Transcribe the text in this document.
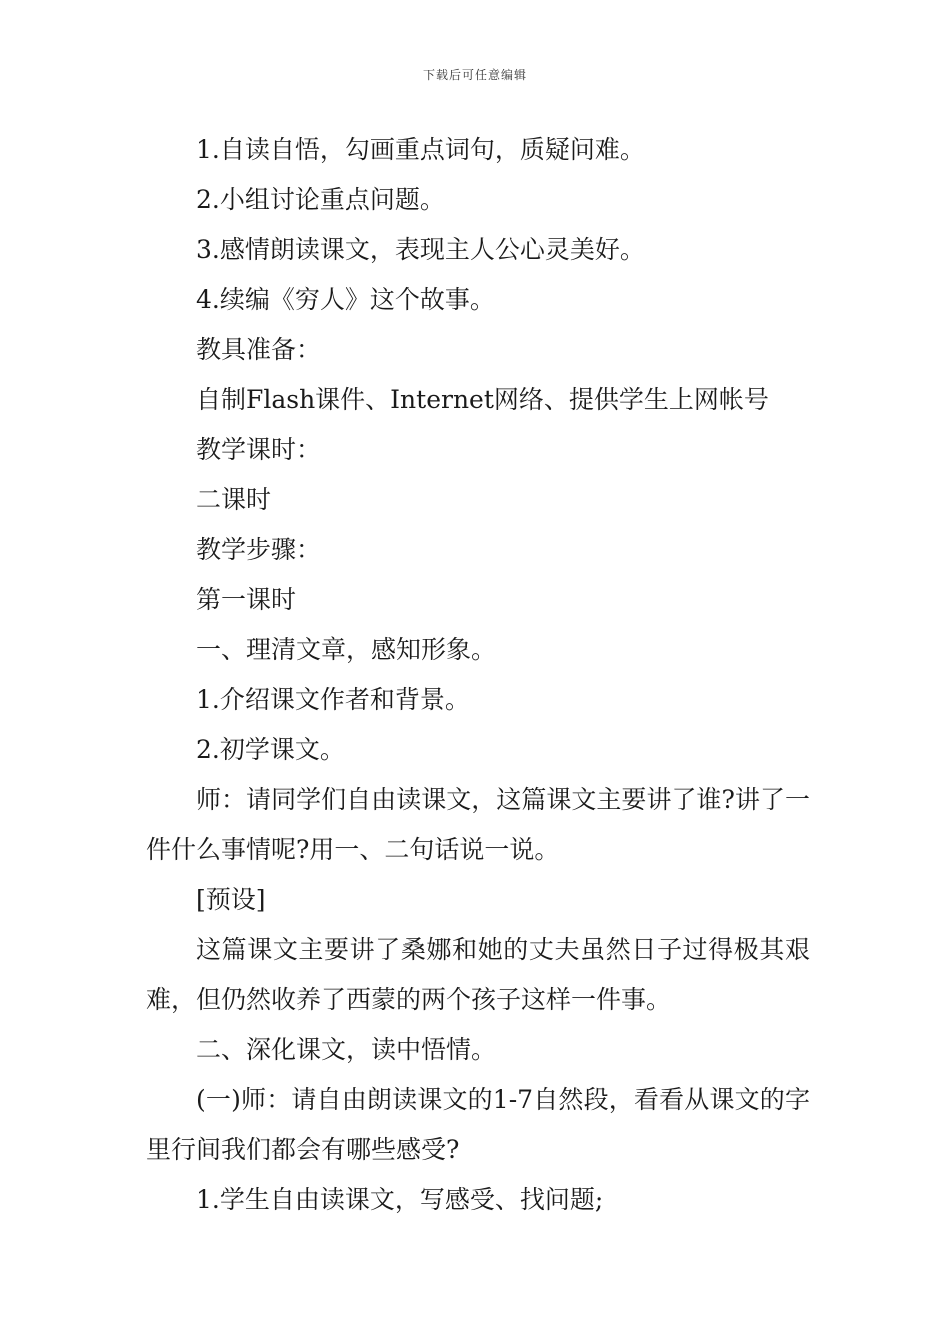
下载后可任意编辑

1.自读自悟，勾画重点词句，质疑问难。

2.小组讨论重点问题。

3.感情朗读课文，表现主人公心灵美好。

4.续编《穷人》这个故事。

教具准备：

自制Flash课件、Internet网络、提供学生上网帐号

教学课时：

二课时

教学步骤：

第一课时

一、理清文章，感知形象。

1.介绍课文作者和背景。

2.初学课文。

师：请同学们自由读课文，这篇课文主要讲了谁?讲了一件什么事情呢?用一、二句话说一说。

[预设]

这篇课文主要讲了桑娜和她的丈夫虽然日子过得极其艰难，但仍然收养了西蒙的两个孩子这样一件事。

二、深化课文，读中悟情。

(一)师：请自由朗读课文的1-7自然段，看看从课文的字里行间我们都会有哪些感受?

1.学生自由读课文，写感受、找问题;
